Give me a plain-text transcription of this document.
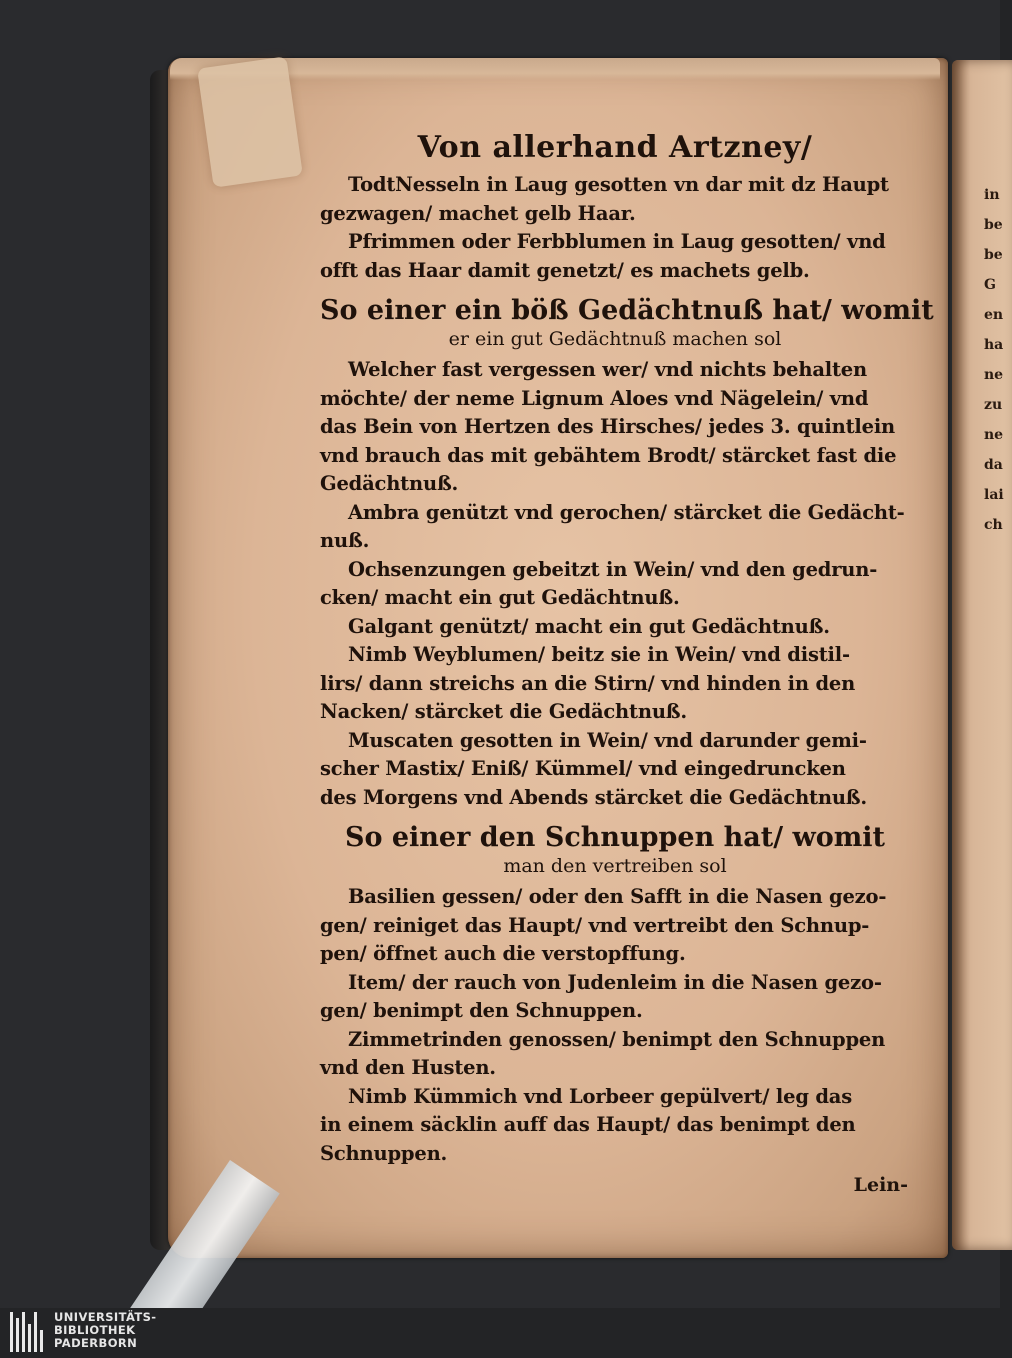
in
be
be
G
en
ha
ne
zu
ne
da
lai
ch
Von allerhand Artzney/
TodtNesseln in Laug gesotten vn dar mit dz Haupt
gezwagen/ machet gelb Haar.
Pfrimmen oder Ferbblumen in Laug gesotten/ vnd
offt das Haar damit genetzt/ es machets gelb.
So einer ein böß Gedächtnuß hat/ womit
er ein gut Gedächtnuß machen sol
Welcher fast vergessen wer/ vnd nichts behalten
möchte/ der neme Lignum Aloes vnd Nägelein/ vnd
das Bein von Hertzen des Hirsches/ jedes 3. quintlein
vnd brauch das mit gebähtem Brodt/ stärcket fast die
Gedächtnuß.
Ambra genützt vnd gerochen/ stärcket die Gedächt-
nuß.
Ochsenzungen gebeitzt in Wein/ vnd den gedrun-
cken/ macht ein gut Gedächtnuß.
Galgant genützt/ macht ein gut Gedächtnuß.
Nimb Weyblumen/ beitz sie in Wein/ vnd distil-
lirs/ dann streichs an die Stirn/ vnd hinden in den
Nacken/ stärcket die Gedächtnuß.
Muscaten gesotten in Wein/ vnd darunder gemi-
scher Mastix/ Eniß/ Kümmel/ vnd eingedruncken
des Morgens vnd Abends stärcket die Gedächtnuß.
So einer den Schnuppen hat/ womit
man den vertreiben sol
Basilien gessen/ oder den Safft in die Nasen gezo-
gen/ reiniget das Haupt/ vnd vertreibt den Schnup-
pen/ öffnet auch die verstopffung.
Item/ der rauch von Judenleim in die Nasen gezo-
gen/ benimpt den Schnuppen.
Zimmetrinden genossen/ benimpt den Schnuppen
vnd den Husten.
Nimb Kümmich vnd Lorbeer gepülvert/ leg das
in einem säcklin auff das Haupt/ das benimpt den
Schnuppen.
Lein-
UNIVERSITÄTS-
BIBLIOTHEK
PADERBORN
